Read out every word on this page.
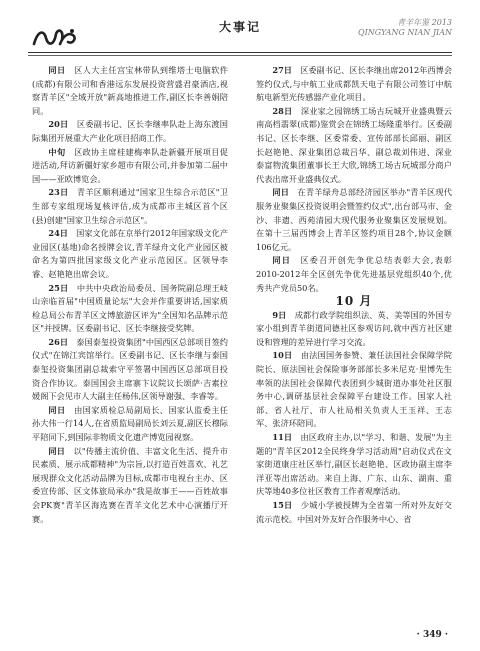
大事记	青羊年鉴 2013
QINGYANG NIAN JIAN

同日  区人大主任宫宝林带队到维塔士电脑软件(成都)有限公司和香港远东发展投资营盛君豪酒店,视察青羊区"全域开放"新高地推进工作,副区长李善娟陪同。

20日  区委副书记、区长李继率队赴上海东渡国际集团开展重大产业化项目招商工作。

中旬  区政协主席桂建梅率队赴新疆开展项目促进活动,拜访新疆好家乡超市有限公司,并参加第二届中国——亚欧博览会。

23日  青羊区顺利通过"国家卫生综合示范区"卫生部专家组现场复核评估,成为成都市主城区首个区(县)创建"国家卫生综合示范区"。

24日  国家文化部在京举行2012年国家级文化产业园区(基地)命名授牌会议,青羊绿舟文化产业园区被命名为第四批国家级文化产业示范园区。区领导李睿、赵艳艳出席会议。

25日  中共中央政治局委员、国务院副总理王岐山亲临首届"中国质量论坛"大会并作重要讲话,国家质检总局公布青羊区文博旅游区评为"全国知名品牌示范区"并授牌。区委副书记、区长李继接受奖牌。

26日  泰国泰玺投资集团"中国西区总部项目签约仪式"在锦江宾馆举行。区委副书记、区长李继与泰国泰玺投资集团副总裁索守平签署中国西区总部项目投资合作协议。泰国国会主席寨卞议院议长颂萨·吉素拉媛阁下会见市人大副主任杨伟,区领导谢强、李睿等。

同日  由国家质检总局副局长、国家认监委主任孙大伟一行14人,在省质监局副局长刘云夏,副区长穆际平陪同下,到国际非物质文化遗产博览园视察。

同日  以"传播主流价值、丰富文化生活、提升市民素质、展示成都精神"为宗旨,以打造百姓喜欢、礼艺展现群众文化活动品牌为目标,成都市电视台主办、区委宣传部、区文体旅局承办"我是故事王——百姓故事会PK赛"青羊区海选赛在青羊文化艺术中心演播厅开赛。

27日  区委副书记、区长李继出席2012年西博会签约仪式,与中航工业成都凯天电子有限公司签订中航航电新型光传感器产业化项目。

28日  深业家之园锦绣工场古玩城开业盛典暨云南高档翡翠(成都)鉴赏会在锦绣工场隆重举行。区委副书记、区长李继、区委常委、宣传部部长邱丽、副区长赵艳艳、深业集团总裁吕华、副总裁刘伟进、深业泰富物流集团董事长王大欣,锦绣工场古玩城部分商户代表出席开业盛典仪式。

同日  在青羊绿舟总部经济园区举办"青羊区现代服务业聚集区投资说明会暨签约仪式",出台部马市、金沙、非遗、西苑清园大现代服务业聚集区发展规划。在第十三届西博会上青羊区签约项目28个,协议金额106亿元。

同日  区委召开创先争优总结表彰大会,表彰2010-2012年全区创先争优先进基层党组织40个,优秀共产党员50名。

10 月

9日  成都行政学院组织法、英、美等国的外国专家小组到青羊街道同德社区参观访问,就中西方社区建设和管理的差异进行学习交流。

10日  由法国国务参赞、兼任法国社会保障学院院长、原法国社会保险事务部部长多米尼克·里博先生率领的法国社会保障代表团到少城街道办事处社区服务中心,调研基层社会保障平台建设工作。国家人社部、省人社厅、市人社局相关负责人王玉祥、王志军、张济环陪同。

11日  由区政府主办,以"学习、和谐、发展"为主题的"青羊区2012全民终身学习活动周"启动仪式在文家街道康庄社区举行,副区长赵艳艳、区政协副主席李洋亚等出席活动。来自上海、广东、山东、湖南、重庆等地40多位社区教育工作者观摩活动。

15日  少城小学被授牌为全省第一所对外友好交流示范校。中国对外友好合作服务中心、省

· 349 ·
